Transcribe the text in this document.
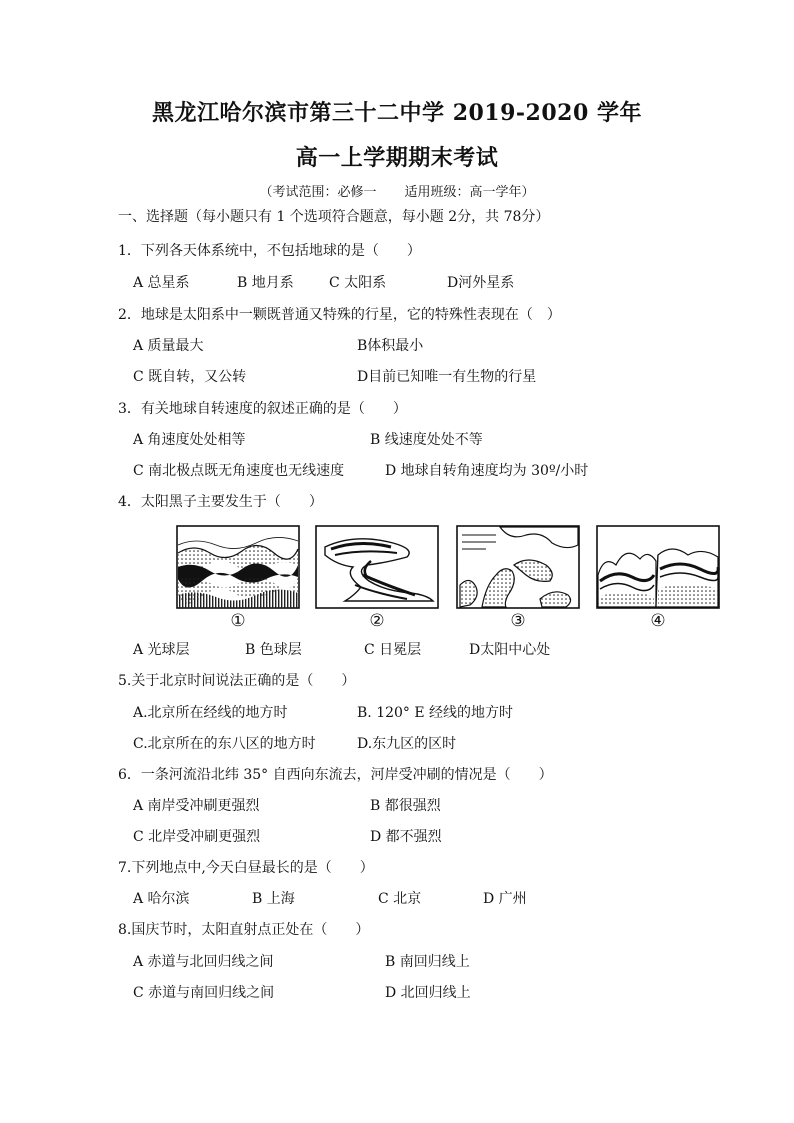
黑龙江哈尔滨市第三十二中学 2019-2020 学年
高一上学期期末考试
（考试范围：必修一 适用班级：高一学年）
一、选择题（每小题只有 1 个选项符合题意，每小题 2分，共 78分）
1．下列各天体系统中，不包括地球的是（　　）
A 总星系	B 地月系	C 太阳系	D河外星系
2．地球是太阳系中一颗既普通又特殊的行星，它的特殊性表现在（　）
A 质量最大	B体积最小
C 既自转，又公转	D目前已知唯一有生物的行星
3．有关地球自转速度的叙述正确的是（　　）
A 角速度处处相等	B 线速度处处不等
C 南北极点既无角速度也无线速度	D 地球自转角速度均为 30º/小时
4．太阳黑子主要发生于（　　）
①	②	③	④
A 光球层	B 色球层	C 日冕层	D太阳中心处
5.关于北京时间说法正确的是（　　）
A.北京所在经线的地方时	B. 120° E 经线的地方时
C.北京所在的东八区的地方时	D.东九区的区时
6．一条河流沿北纬 35° 自西向东流去，河岸受冲刷的情况是（　　）
A 南岸受冲刷更强烈	B 都很强烈
C 北岸受冲刷更强烈	D 都不强烈
7.下列地点中,今天白昼最长的是（　　）
A 哈尔滨	B 上海	C 北京	D 广州
8.国庆节时，太阳直射点正处在（　　）
A 赤道与北回归线之间	B 南回归线上
C 赤道与南回归线之间	D 北回归线上
